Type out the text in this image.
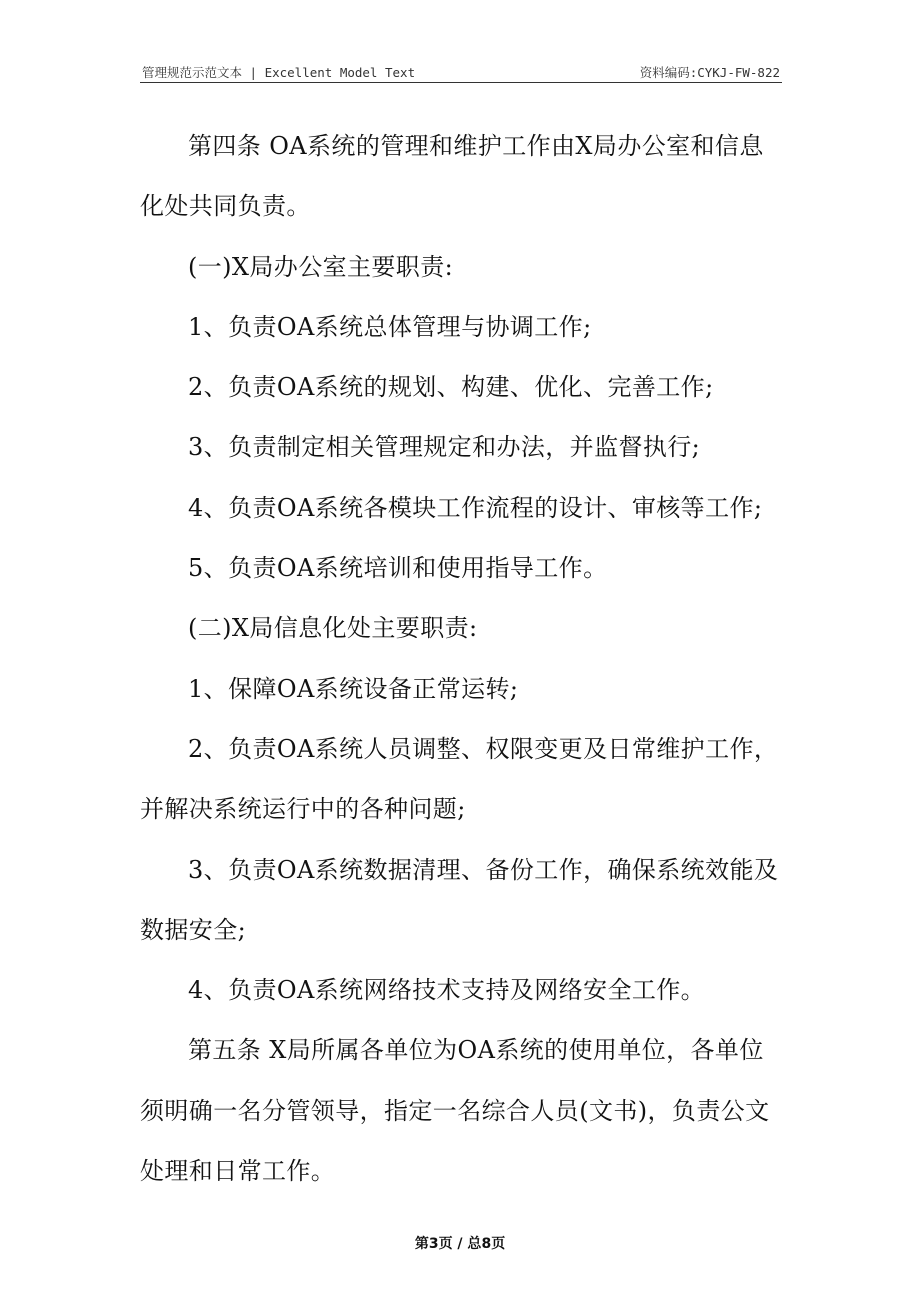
管理规范示范文本 | Excellent Model Text	资料编码:CYKJ-FW-822

第四条 OA系统的管理和维护工作由X局办公室和信息化处共同负责。

(一)X局办公室主要职责:

1、负责OA系统总体管理与协调工作;

2、负责OA系统的规划、构建、优化、完善工作;

3、负责制定相关管理规定和办法，并监督执行;

4、负责OA系统各模块工作流程的设计、审核等工作;

5、负责OA系统培训和使用指导工作。

(二)X局信息化处主要职责:

1、保障OA系统设备正常运转;

2、负责OA系统人员调整、权限变更及日常维护工作，并解决系统运行中的各种问题;

3、负责OA系统数据清理、备份工作，确保系统效能及数据安全;

4、负责OA系统网络技术支持及网络安全工作。

第五条 X局所属各单位为OA系统的使用单位，各单位须明确一名分管领导，指定一名综合人员(文书)，负责公文处理和日常工作。

第3页 / 总8页
